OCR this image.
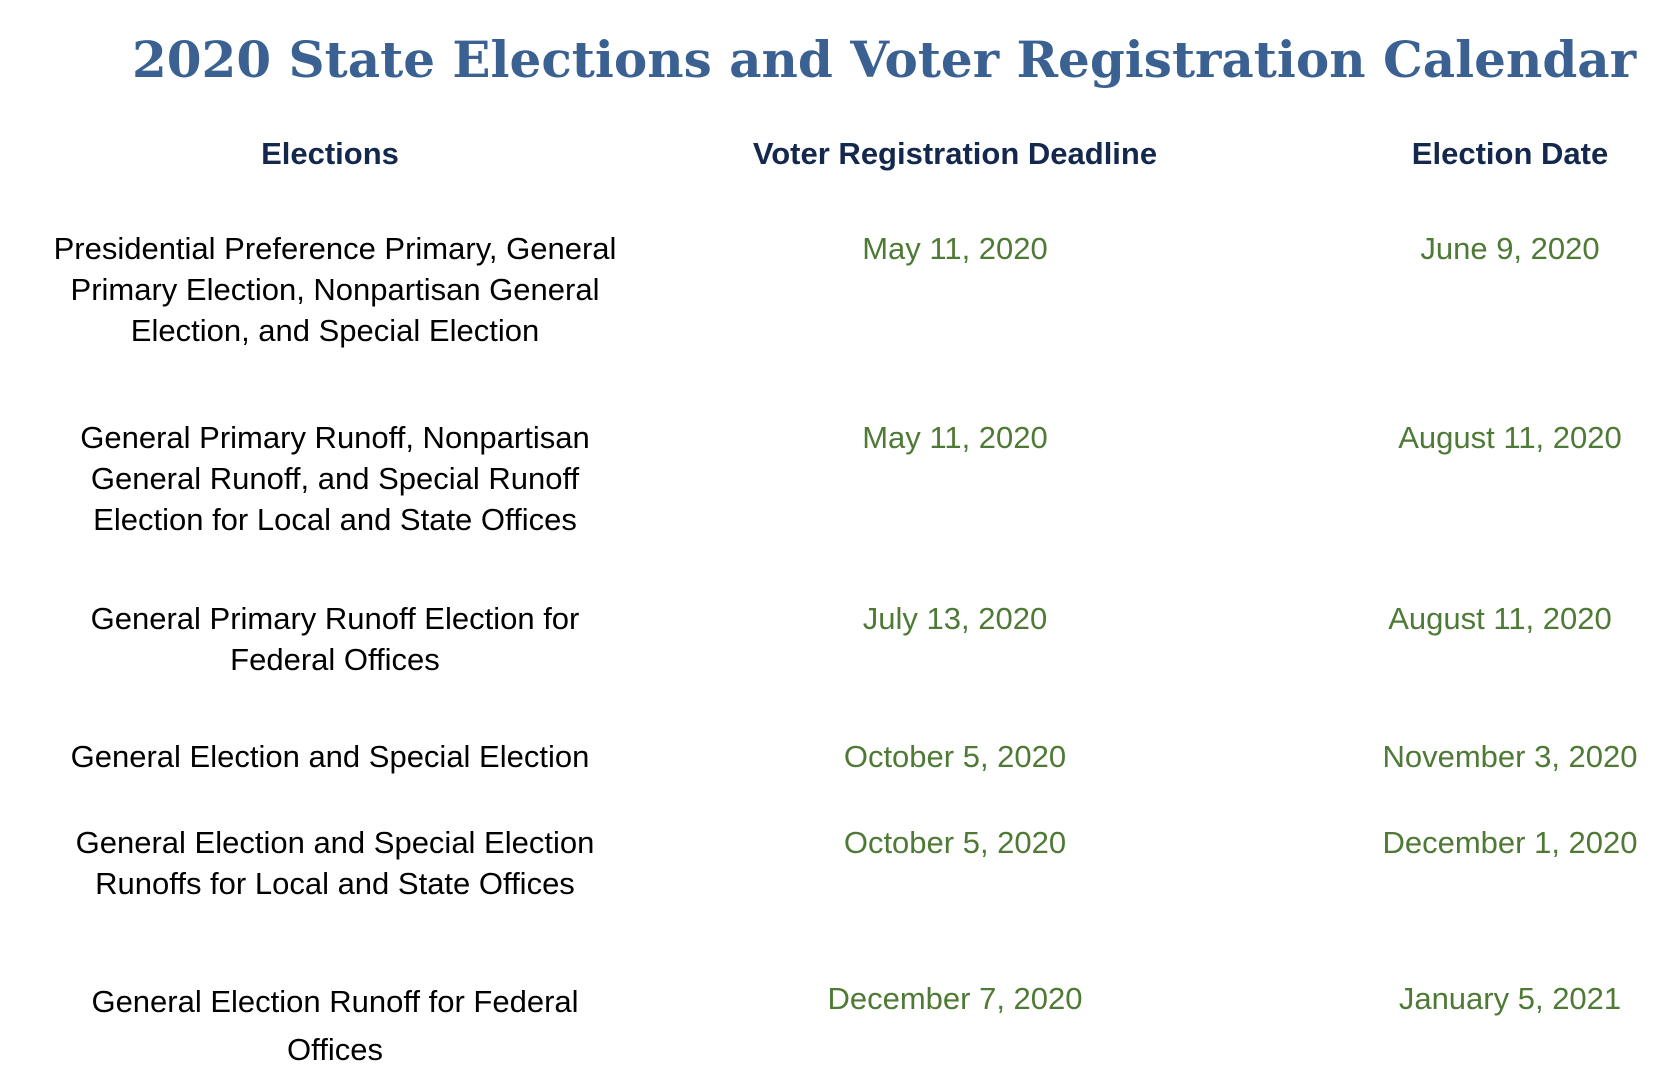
2020 State Elections and Voter Registration Calendar
Elections	Voter Registration Deadline	Election Date
Presidential Preference Primary, General Primary Election, Nonpartisan General Election, and Special Election
May 11, 2020	June 9, 2020
General Primary Runoff, Nonpartisan General Runoff, and Special Runoff Election for Local and State Offices
May 11, 2020	August 11, 2020
General Primary Runoff Election for Federal Offices
July 13, 2020	August 11, 2020
General Election and Special Election	October 5, 2020	November 3, 2020
General Election and Special Election Runoffs for Local and State Offices
October 5, 2020	December 1, 2020
General Election Runoff for Federal Offices
December 7, 2020	January 5, 2021
